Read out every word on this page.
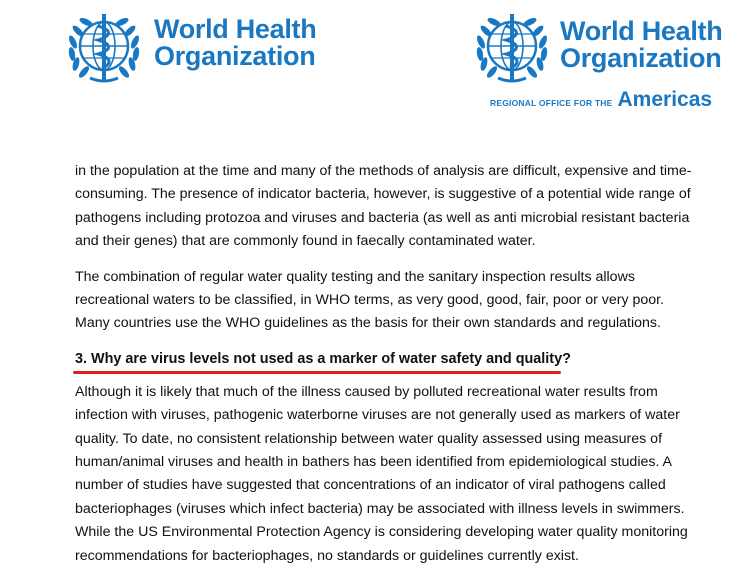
World Health
Organization
World Health
Organization
REGIONAL OFFICE FOR THE Americas

in the population at the time and many of the methods of analysis are difficult, expensive and time-consuming. The presence of indicator bacteria, however, is suggestive of a potential wide range of pathogens including protozoa and viruses and bacteria (as well as anti microbial resistant bacteria and their genes) that are commonly found in faecally contaminated water.

The combination of regular water quality testing and the sanitary inspection results allows recreational waters to be classified, in WHO terms, as very good, good, fair, poor or very poor. Many countries use the WHO guidelines as the basis for their own standards and regulations.

3. Why are virus levels not used as a marker of water safety and quality?

Although it is likely that much of the illness caused by polluted recreational water results from infection with viruses, pathogenic waterborne viruses are not generally used as markers of water quality. To date, no consistent relationship between water quality assessed using measures of human/animal viruses and health in bathers has been identified from epidemiological studies. A number of studies have suggested that concentrations of an indicator of viral pathogens called bacteriophages (viruses which infect bacteria) may be associated with illness levels in swimmers. While the US Environmental Protection Agency is considering developing water quality monitoring recommendations for bacteriophages, no standards or guidelines currently exist.
